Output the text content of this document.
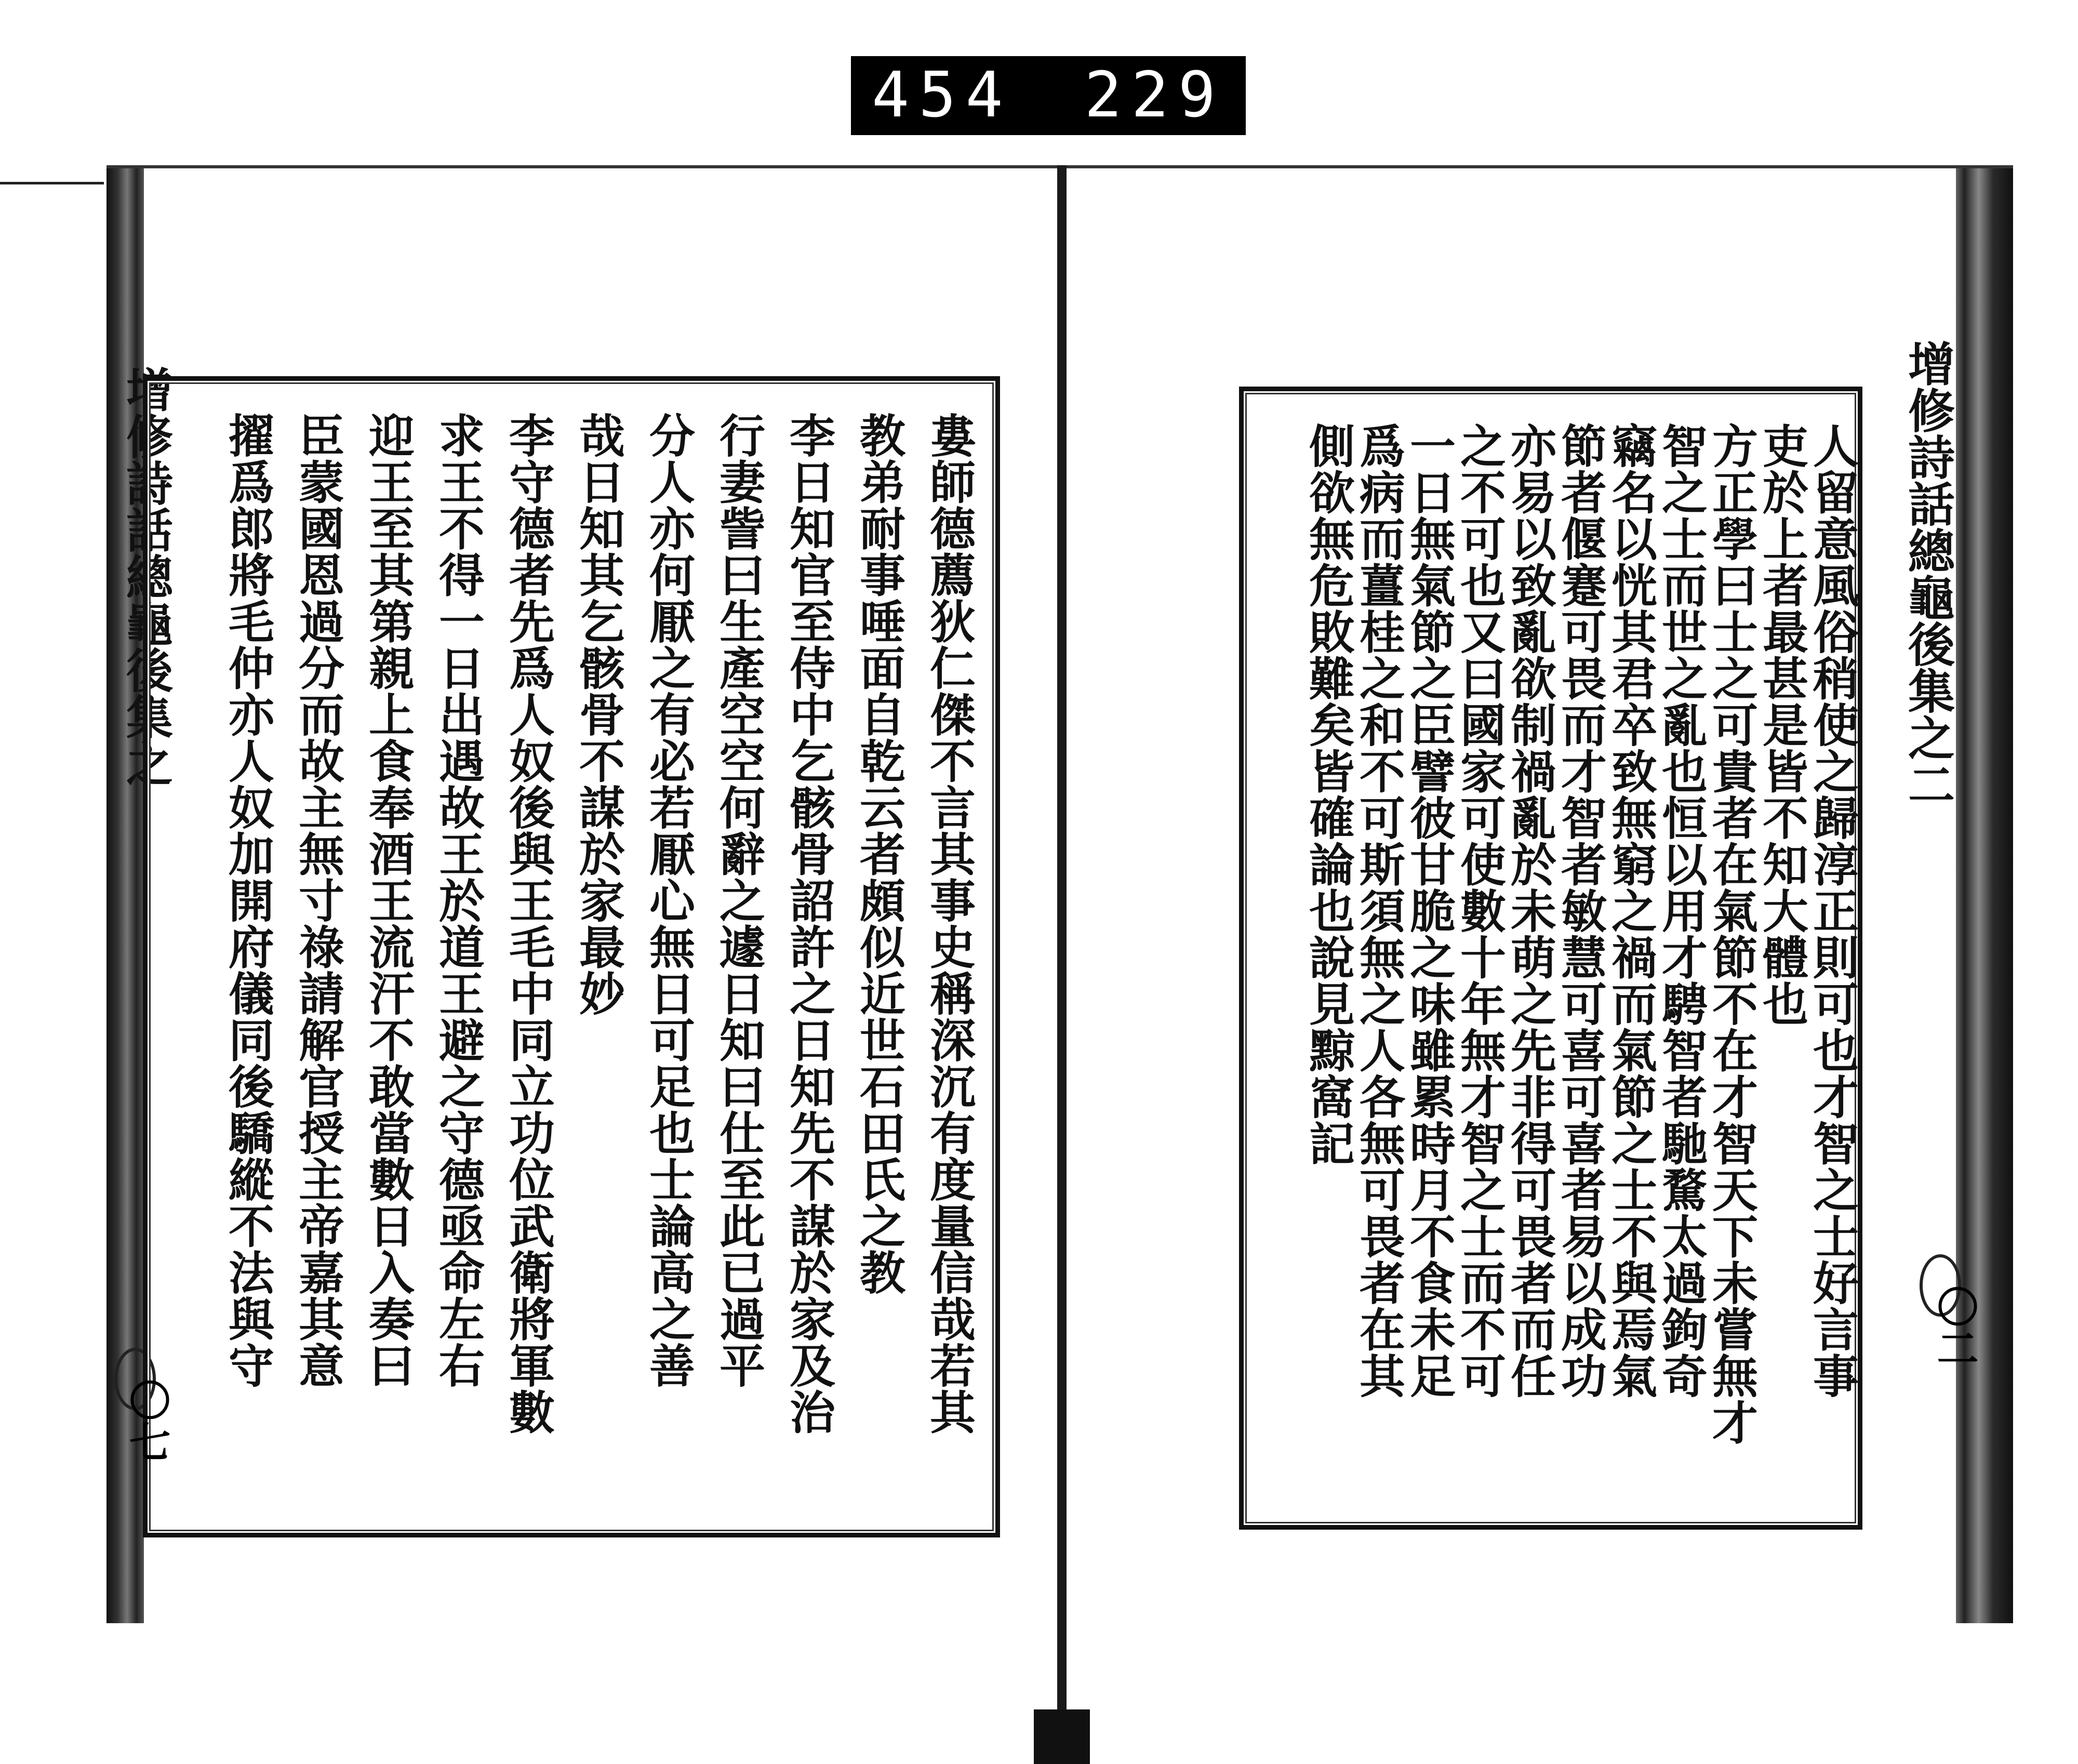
454 229
增修詩話總龜後集之	婁師德薦狄仁傑不言其事史稱深沉有度量信哉若其
教弟耐事唾面自乾云者頗似近世石田氏之教
李日知官至侍中乞骸骨詔許之日知先不謀於家及治
行妻訾曰生產空空何辭之遽日知曰仕至此已過平
分人亦何厭之有必若厭心無日可足也士論高之善
哉日知其乞骸骨不謀於家最妙
李守德者先爲人奴後與王毛中同立功位武衛將軍數
求王不得一日出遇故王於道王避之守德亟命左右
迎王至其第親上食奉酒王流汗不敢當數日入奏曰
臣蒙國恩過分而故主無寸祿請解官授主帝嘉其意
擢爲郎將毛仲亦人奴加開府儀同後驕縱不法與守
〇七
增修詩話總龜後集之二
〇二
人留意風俗稍使之歸淳正則可也才智之士好言事
吏於上者最甚是皆不知大體也
方正學曰士之可貴者在氣節不在才智天下未嘗無才
智之士而世之亂也恒以用才騁智者馳騖太過鉤奇
竊名以恍其君卒致無窮之禍而氣節之士不與焉氣
節者偃蹇可畏而才智者敏慧可喜可喜者易以成功
亦易以致亂欲制禍亂於未萌之先非得可畏者而任
之不可也又曰國家可使數十年無才智之士而不可
一日無氣節之臣譬彼甘脆之味雖累時月不食未足
爲病而薑桂之和不可斯須無之人各無可畏者在其
側欲無危敗難矣皆確論也說見黥窩記
